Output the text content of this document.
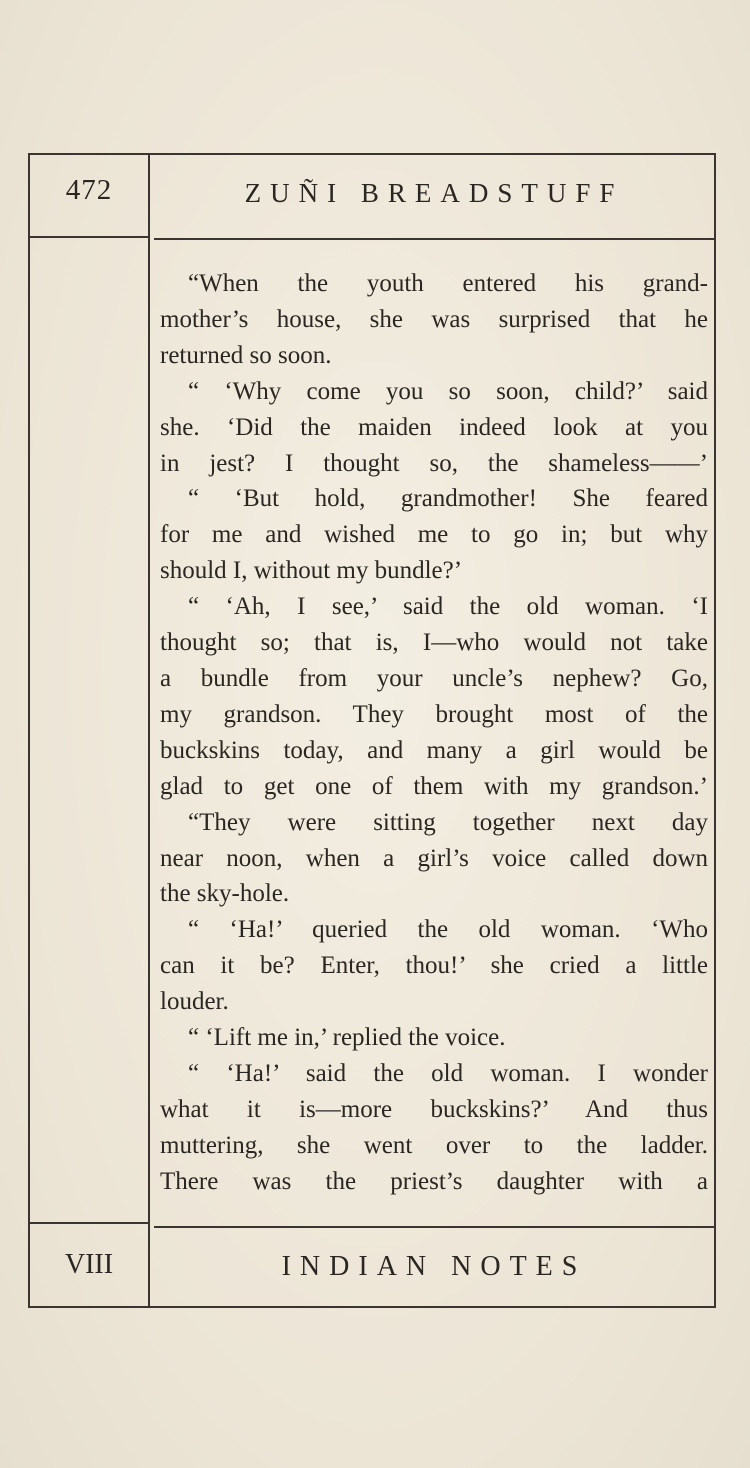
472	ZUÑI BREADSTUFF
“When the youth entered his grand-
mother’s house, she was surprised that he
returned so soon.
“ ‘Why come you so soon, child?’ said
she. ‘Did the maiden indeed look at you
in jest? I thought so, the shameless——’
“ ‘But hold, grandmother! She feared
for me and wished me to go in; but why
should I, without my bundle?’
“ ‘Ah, I see,’ said the old woman. ‘I
thought so; that is, I—who would not take
a bundle from your uncle’s nephew? Go,
my grandson. They brought most of the
buckskins today, and many a girl would be
glad to get one of them with my grandson.’
“They were sitting together next day
near noon, when a girl’s voice called down
the sky-hole.
“ ‘Ha!’ queried the old woman. ‘Who
can it be? Enter, thou!’ she cried a little
louder.
“ ‘Lift me in,’ replied the voice.
“ ‘Ha!’ said the old woman. I wonder
what it is—more buckskins?’ And thus
muttering, she went over to the ladder.
There was the priest’s daughter with a
VIII	INDIAN NOTES
